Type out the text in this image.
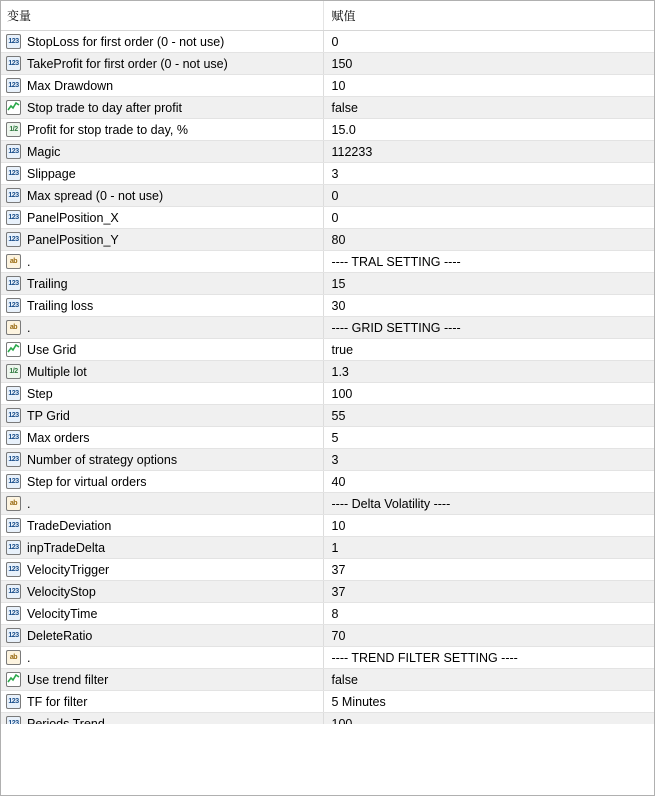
变量	赋值

123 StopLoss for first order (0 - not use)	0

123 TakeProfit for first order (0 - not use)	150

123 Max Drawdown	10

Stop trade to day after profit	false

1/2 Profit for stop trade to day, %	15.0

123 Magic	112233

123 Slippage	3

123 Max spread (0 - not use)	0

123 PanelPosition_X	0

123 PanelPosition_Y	80

ab .	---- TRAL SETTING ----

123 Trailing	15

123 Trailing loss	30

ab .	---- GRID SETTING ----

Use Grid	true

1/2 Multiple lot	1.3

123 Step	100

123 TP Grid	55

123 Max orders	5

123 Number of strategy options	3

123 Step for virtual orders	40

ab .	---- Delta Volatility ----

123 TradeDeviation	10

123 inpTradeDelta	1

123 VelocityTrigger	37

123 VelocityStop	37

123 VelocityTime	8

123 DeleteRatio	70

ab .	---- TREND FILTER SETTING ----

Use trend filter	false

123 TF for filter	5 Minutes
